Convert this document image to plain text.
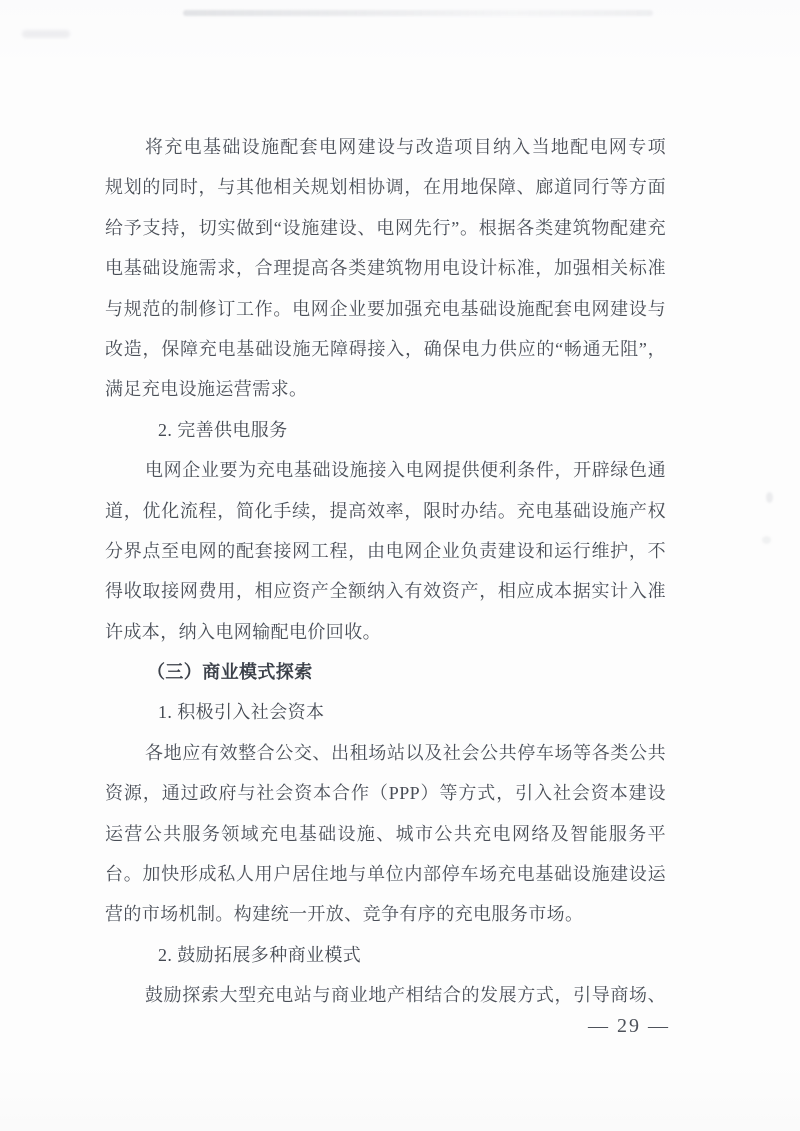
将充电基础设施配套电网建设与改造项目纳入当地配电网专项
规划的同时，与其他相关规划相协调，在用地保障、廊道同行等方面
给予支持，切实做到“设施建设、电网先行”。根据各类建筑物配建充
电基础设施需求，合理提高各类建筑物用电设计标准，加强相关标准
与规范的制修订工作。电网企业要加强充电基础设施配套电网建设与
改造，保障充电基础设施无障碍接入，确保电力供应的“畅通无阻”，
满足充电设施运营需求。
2. 完善供电服务
电网企业要为充电基础设施接入电网提供便利条件，开辟绿色通
道，优化流程，简化手续，提高效率，限时办结。充电基础设施产权
分界点至电网的配套接网工程，由电网企业负责建设和运行维护，不
得收取接网费用，相应资产全额纳入有效资产，相应成本据实计入准
许成本，纳入电网输配电价回收。
（三）商业模式探索
1. 积极引入社会资本
各地应有效整合公交、出租场站以及社会公共停车场等各类公共
资源，通过政府与社会资本合作（PPP）等方式，引入社会资本建设
运营公共服务领域充电基础设施、城市公共充电网络及智能服务平
台。加快形成私人用户居住地与单位内部停车场充电基础设施建设运
营的市场机制。构建统一开放、竞争有序的充电服务市场。
2. 鼓励拓展多种商业模式
鼓励探索大型充电站与商业地产相结合的发展方式，引导商场、
— 29 —
